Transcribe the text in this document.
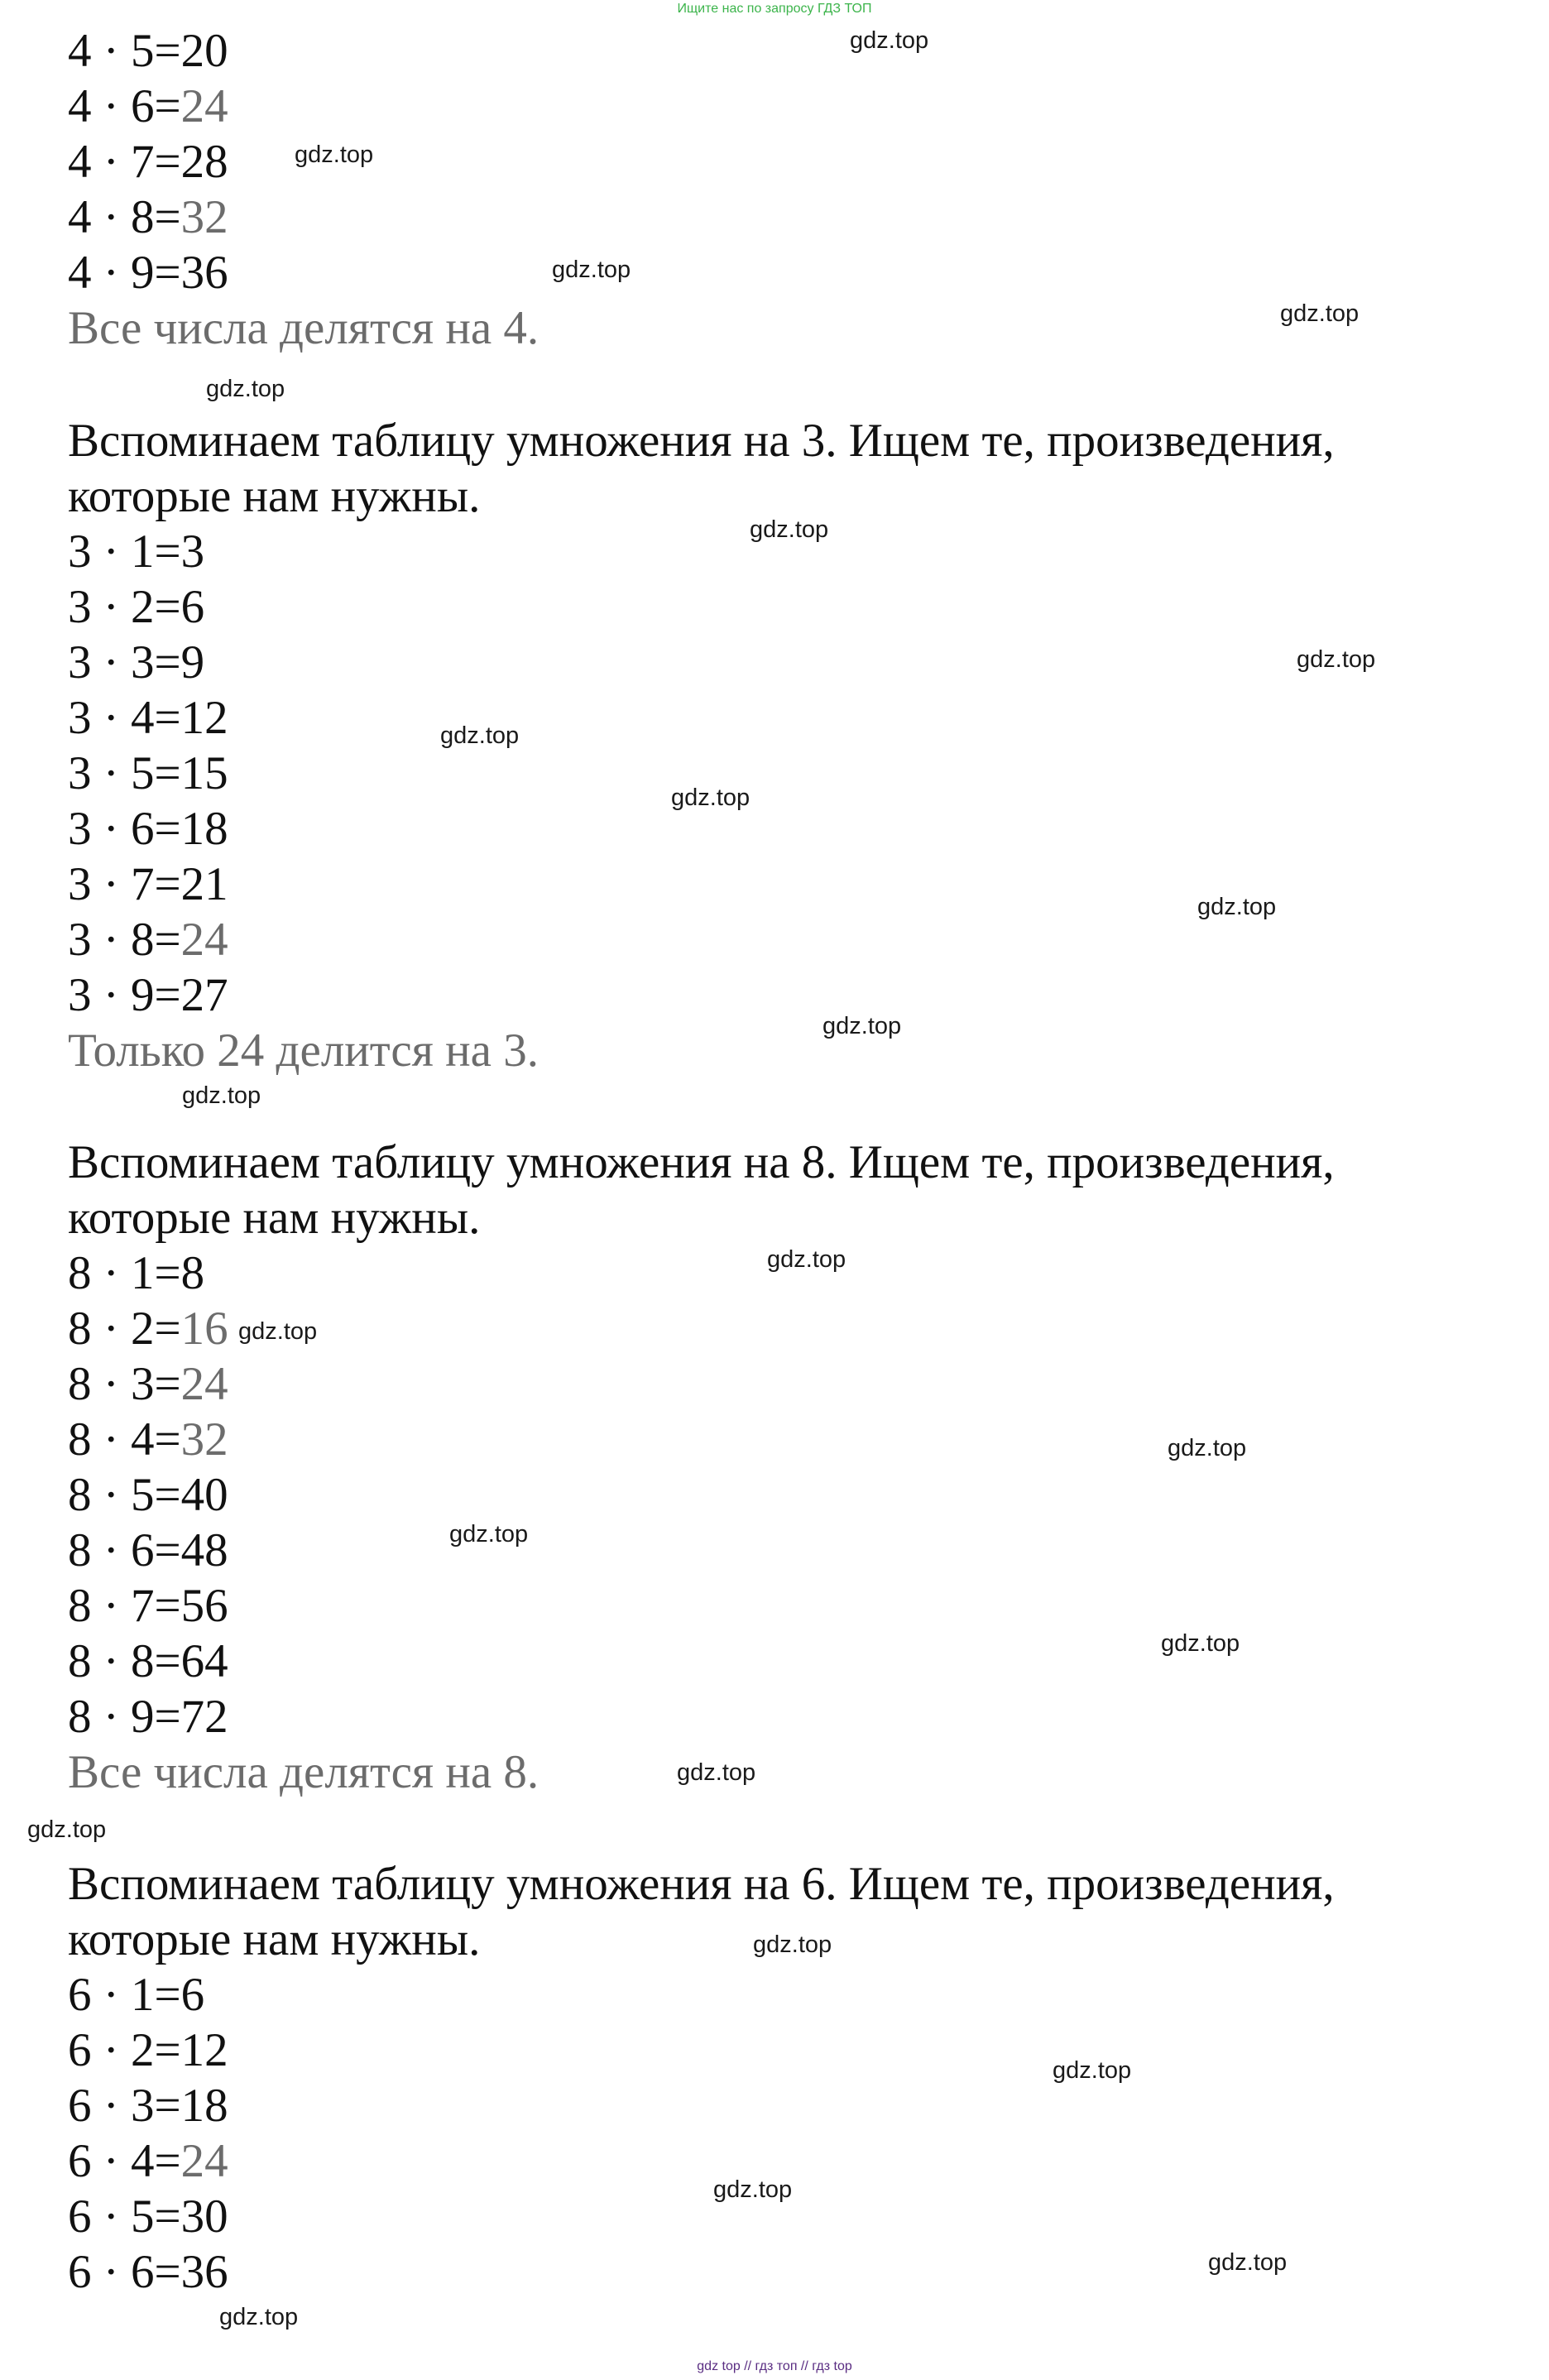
Ищите нас по запросу ГДЗ ТОП
4 · 5=20
4 · 6=24
4 · 7=28
4 · 8=32
4 · 9=36
Все числа делятся на 4.
Вспоминаем таблицу умножения на 3. Ищем те, произведения,
которые нам нужны.
3 · 1=3
3 · 2=6
3 · 3=9
3 · 4=12
3 · 5=15
3 · 6=18
3 · 7=21
3 · 8=24
3 · 9=27
Только 24 делится на 3.
Вспоминаем таблицу умножения на 8. Ищем те, произведения,
которые нам нужны.
8 · 1=8
8 · 2=16
8 · 3=24
8 · 4=32
8 · 5=40
8 · 6=48
8 · 7=56
8 · 8=64
8 · 9=72
Все числа делятся на 8.
Вспоминаем таблицу умножения на 6. Ищем те, произведения,
которые нам нужны.
6 · 1=6
6 · 2=12
6 · 3=18
6 · 4=24
6 · 5=30
6 · 6=36
gdz.top
gdz.top
gdz.top
gdz.top
gdz.top
gdz.top
gdz.top
gdz.top
gdz.top
gdz.top
gdz.top
gdz.top
gdz.top
gdz.top
gdz.top
gdz.top
gdz.top
gdz.top
gdz.top
gdz.top
gdz.top
gdz.top
gdz.top
gdz.top
gdz top // гдз топ // гдз top
